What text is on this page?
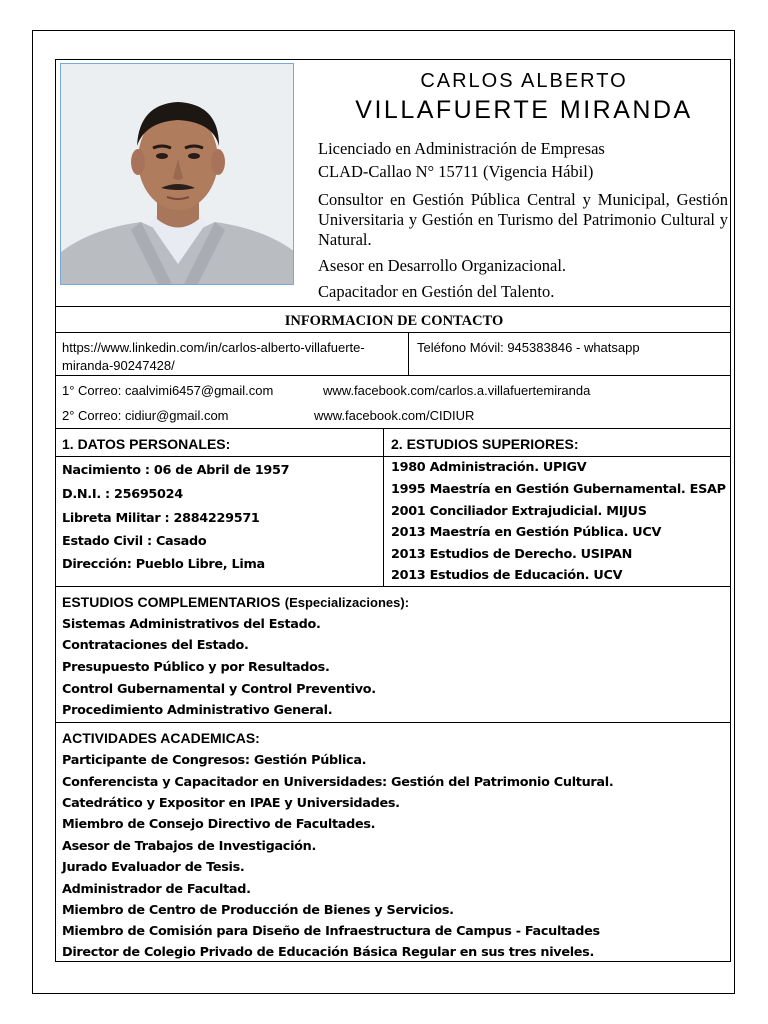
CARLOS ALBERTO
VILLAFUERTE MIRANDA
Licenciado en Administración de Empresas
CLAD-Callao N° 15711 (Vigencia Hábil)
Consultor en Gestión Pública Central y Municipal, Gestión Universitaria y Gestión en Turismo del Patrimonio Cultural y Natural.
Asesor en Desarrollo Organizacional.
Capacitador en Gestión del Talento.
INFORMACION DE CONTACTO
https://www.linkedin.com/in/carlos-alberto-villafuerte-
miranda-90247428/
Teléfono Móvil: 945383846 - whatsapp
1° Correo: caalvimi6457@gmail.com	www.facebook.com/carlos.a.villafuertemiranda
2° Correo: cidiur@gmail.com	www.facebook.com/CIDIUR
1. DATOS PERSONALES:
Nacimiento : 06 de Abril de 1957
D.N.I. : 25695024
Libreta Militar : 2884229571
Estado Civil : Casado
Dirección: Pueblo Libre, Lima
2. ESTUDIOS SUPERIORES:
1980 Administración. UPIGV
1995 Maestría en Gestión Gubernamental. ESAP
2001 Conciliador Extrajudicial. MIJUS
2013 Maestría en Gestión Pública. UCV
2013 Estudios de Derecho. USIPAN
2013 Estudios de Educación. UCV
ESTUDIOS COMPLEMENTARIOS (Especializaciones):
Sistemas Administrativos del Estado.
Contrataciones del Estado.
Presupuesto Público y por Resultados.
Control Gubernamental y Control Preventivo.
Procedimiento Administrativo General.
ACTIVIDADES ACADEMICAS:
Participante de Congresos: Gestión Pública.
Conferencista y Capacitador en Universidades: Gestión del Patrimonio Cultural.
Catedrático y Expositor en IPAE y Universidades.
Miembro de Consejo Directivo de Facultades.
Asesor de Trabajos de Investigación.
Jurado Evaluador de Tesis.
Administrador de Facultad.
Miembro de Centro de Producción de Bienes y Servicios.
Miembro de Comisión para Diseño de Infraestructura de Campus - Facultades
Director de Colegio Privado de Educación Básica Regular en sus tres niveles.
